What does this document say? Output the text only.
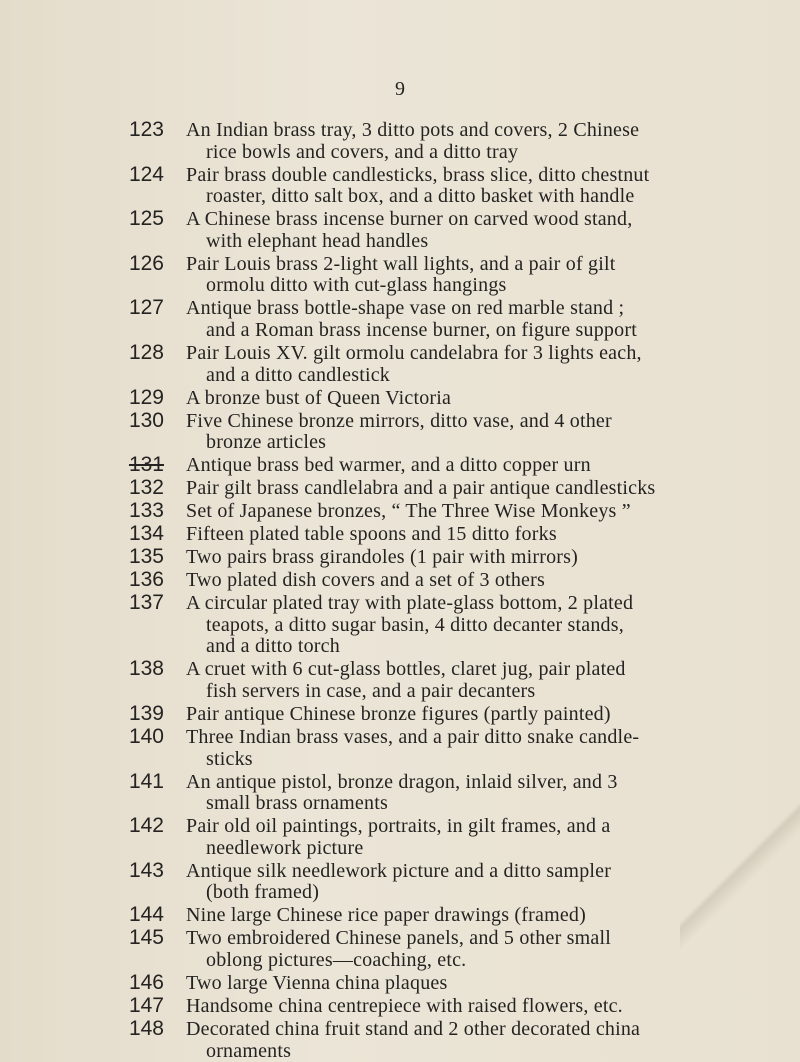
9
123 An Indian brass tray, 3 ditto pots and covers, 2 Chinese
rice bowls and covers, and a ditto tray
124 Pair brass double candlesticks, brass slice, ditto chestnut
roaster, ditto salt box, and a ditto basket with handle
125 A Chinese brass incense burner on carved wood stand,
with elephant head handles
126 Pair Louis brass 2-light wall lights, and a pair of gilt
ormolu ditto with cut-glass hangings
127 Antique brass bottle-shape vase on red marble stand ;
and a Roman brass incense burner, on figure support
128 Pair Louis XV. gilt ormolu candelabra for 3 lights each,
and a ditto candlestick
129 A bronze bust of Queen Victoria
130 Five Chinese bronze mirrors, ditto vase, and 4 other
bronze articles
131 Antique brass bed warmer, and a ditto copper urn
132 Pair gilt brass candlelabra and a pair antique candlesticks
133 Set of Japanese bronzes, “ The Three Wise Monkeys ”
134 Fifteen plated table spoons and 15 ditto forks
135 Two pairs brass girandoles (1 pair with mirrors)
136 Two plated dish covers and a set of 3 others
137 A circular plated tray with plate-glass bottom, 2 plated
teapots, a ditto sugar basin, 4 ditto decanter stands,
and a ditto torch
138 A cruet with 6 cut-glass bottles, claret jug, pair plated
fish servers in case, and a pair decanters
139 Pair antique Chinese bronze figures (partly painted)
140 Three Indian brass vases, and a pair ditto snake candle-
sticks
141 An antique pistol, bronze dragon, inlaid silver, and 3
small brass ornaments
142 Pair old oil paintings, portraits, in gilt frames, and a
needlework picture
143 Antique silk needlework picture and a ditto sampler
(both framed)
144 Nine large Chinese rice paper drawings (framed)
145 Two embroidered Chinese panels, and 5 other small
oblong pictures—coaching, etc.
146 Two large Vienna china plaques
147 Handsome china centrepiece with raised flowers, etc.
148 Decorated china fruit stand and 2 other decorated china
ornaments
